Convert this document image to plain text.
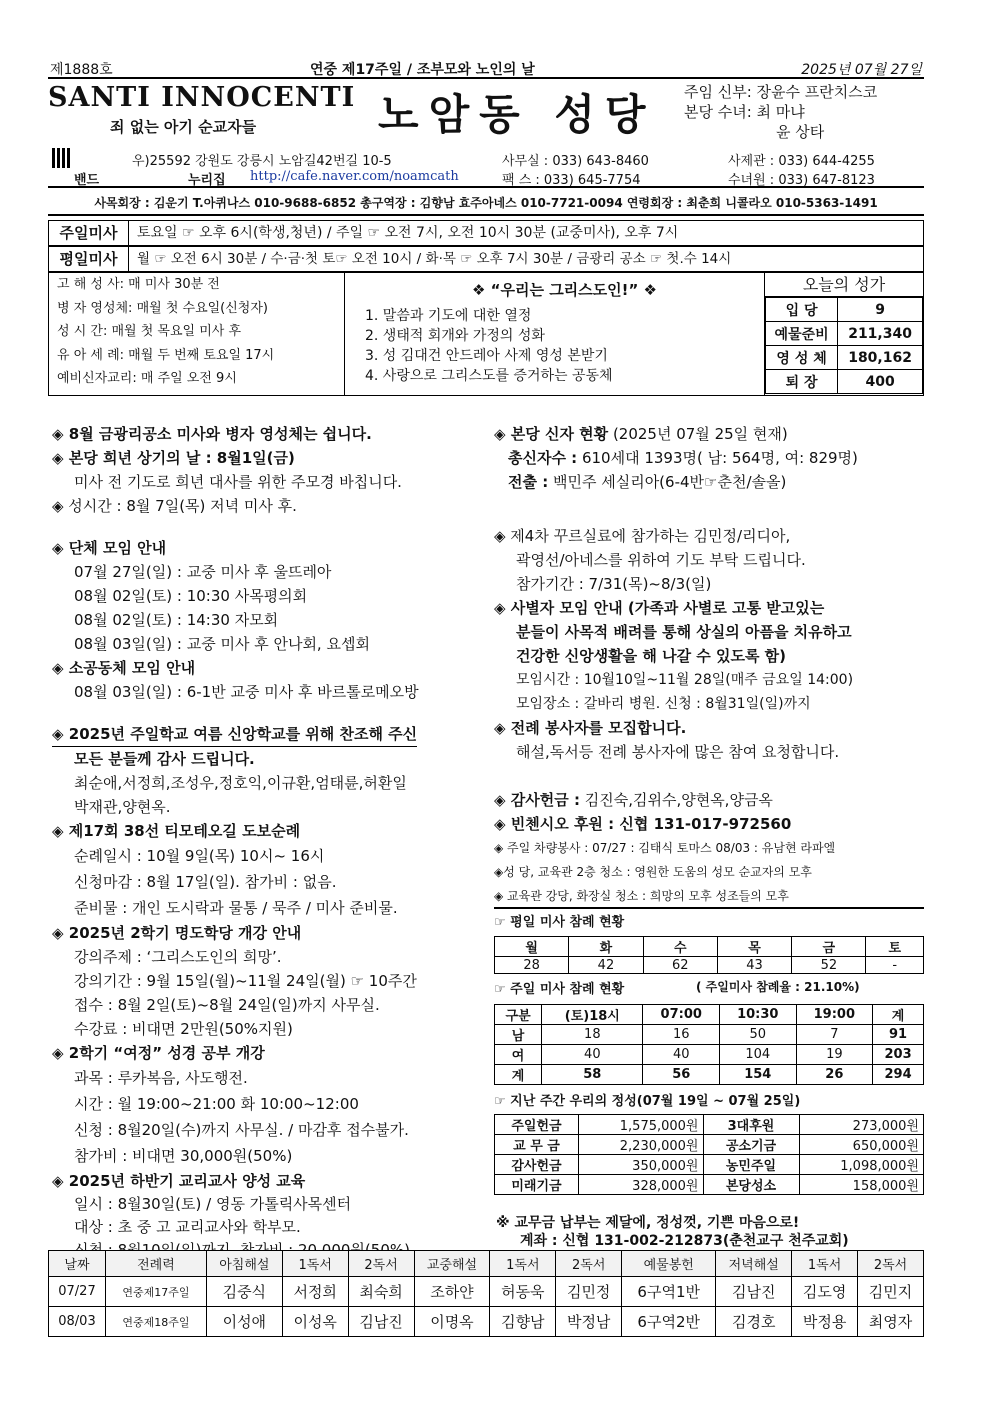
제1888호	연중 제17주일 / 조부모와 노인의 날	2025년 07월 27일
SANTI INNOCENTI
죄 없는 아기 순교자들	노암동 성당 주임 신부: 장윤수 프란치스코
본당 수녀: 최 마냐
윤 상타
우)25592 강원도 강릉시 노암길42번길 10-5	사무실 : 033) 643-8460	사제관 : 033) 644-4255
밴드	누리집 http://cafe.naver.com/noamcath	팩 스 : 033) 645-7754	수녀원 : 033) 647-8123
사목회장 : 김운기 T.아퀴나스 010-9688-6852 총구역장 : 김향남 효주아네스 010-7721-0094 연령회장 : 최춘희 니콜라오 010-5363-1491
주일미사	토요일 ☞ 오후 6시(학생,청년) / 주일 ☞ 오전 7시, 오전 10시 30분 (교중미사), 오후 7시
평일미사	월 ☞ 오전 6시 30분 / 수·금·첫 토☞ 오전 10시 / 화·목 ☞ 오후 7시 30분 / 금광리 공소 ☞ 첫.수 14시
고 해 성 사: 매 미사 30분 전
병 자 영성체: 매월 첫 수요일(신청자)
성 시 간: 매월 첫 목요일 미사 후
유 아 세 례: 매월 두 번째 토요일 17시
예비신자교리: 매 주일 오전 9시
❖ “우리는 그리스도인!” ❖
1. 말씀과 기도에 대한 열정
2. 생태적 회개와 가정의 성화
3. 성 김대건 안드레아 사제 영성 본받기
4. 사랑으로 그리스도를 증거하는 공동체
오늘의 성가
입 당	9
예물준비	211,340
영 성 체	180,162
퇴 장	400
◈ 8월 금광리공소 미사와 병자 영성체는 쉽니다.
◈ 본당 희년 상기의 날 : 8월1일(금)
미사 전 기도로 희년 대사를 위한 주모경 바칩니다.
◈ 성시간 : 8월 7일(목) 저녁 미사 후.
◈ 단체 모임 안내
07월 27일(일) : 교중 미사 후 울뜨레아
08월 02일(토) : 10:30 사목평의회
08월 02일(토) : 14:30 자모회
08월 03일(일) : 교중 미사 후 안나회, 요셉회
◈ 소공동체 모임 안내
08월 03일(일) : 6-1반 교중 미사 후 바르톨로메오방
◈ 2025년 주일학교 여름 신앙학교를 위해 찬조해 주신
모든 분들께 감사 드립니다.
최순애,서정희,조성우,정호익,이규환,엄태륜,허환일
박재관,양현옥.
◈ 제17회 38선 티모테오길 도보순례
순례일시 : 10월 9일(목) 10시~ 16시
신청마감 : 8월 17일(일). 참가비 : 없음.
준비물 : 개인 도시락과 물통 / 묵주 / 미사 준비물.
◈ 2025년 2학기 명도학당 개강 안내
강의주제 : ‘그리스도인의 희망’.
강의기간 : 9월 15일(월)~11월 24일(월) ☞ 10주간
접수 : 8월 2일(토)~8월 24일(일)까지 사무실.
수강료 : 비대면 2만원(50%지원)
◈ 2학기 “여정” 성경 공부 개강
과목 : 루카복음, 사도행전.
시간 : 월 19:00~21:00 화 10:00~12:00
신청 : 8월20일(수)까지 사무실. / 마감후 접수불가.
참가비 : 비대면 30,000원(50%)
◈ 2025년 하반기 교리교사 양성 교육
일시 : 8월30일(토) / 영동 가톨릭사목센터
대상 : 초 중 고 교리교사와 학부모.
신청 : 8월10일(일)까지. 참가비 : 20,000원(50%)
◈ 본당 신자 현황 (2025년 07월 25일 현재)
총신자수 : 610세대 1393명( 남: 564명, 여: 829명)
전출 : 백민주 세실리아(6-4반☞춘천/솔올)
◈ 제4차 꾸르실료에 참가하는 김민정/리디아,
곽영선/아네스를 위하여 기도 부탁 드립니다.
참가기간 : 7/31(목)~8/3(일)
◈ 사별자 모임 안내 (가족과 사별로 고통 받고있는
분들이 사목적 배려를 통해 상실의 아픔을 치유하고
건강한 신앙생활을 해 나갈 수 있도록 함)
모임시간 : 10월10일~11월 28일(매주 금요일 14:00)
모임장소 : 갈바리 병원. 신청 : 8월31일(일)까지
◈ 전례 봉사자를 모집합니다.
해설,독서등 전례 봉사자에 많은 참여 요청합니다.
◈ 감사헌금 : 김진숙,김위수,양현옥,양금옥
◈ 빈첸시오 후원 : 신협 131-017-972560
◈ 주일 차량봉사 : 07/27 : 김태식 토마스 08/03 : 유남현 라파엘
◈성 당, 교육관 2층 청소 : 영원한 도움의 성모 순교자의 모후
◈ 교육관 강당, 화장실 청소 : 희망의 모후 성조들의 모후
☞ 평일 미사 참례 현황
월	화	수	목	금	토
28	42	62	43	52	-
☞ 주일 미사 참례 현황	( 주일미사 참례율 : 21.10%)
구분	(토)18시	07:00	10:30	19:00	계
남	18	16	50	7	91
여	40	40	104	19	203
계	58	56	154	26	294
☞ 지난 주간 우리의 정성(07월 19일 ~ 07월 25일)
주일헌금	1,575,000원	3대후원	273,000원
교 무 금	2,230,000원	공소기금	650,000원
감사헌금	350,000원	농민주일	1,098,000원
미래기금	328,000원	본당성소	158,000원
※ 교무금 납부는 제달에, 정성껏, 기쁜 마음으로!
계좌 : 신협 131-002-212873(춘천교구 천주교회)
날짜	전례력	아침해설	1독서	2독서	교중해설	1독서	2독서	예물봉헌	저녁해설	1독서	2독서
07/27	연중제17주일	김중식	서정희	최숙희	조하얀	허동욱	김민정	6구역1반	김남진	김도영	김민지
08/03	연중제18주일	이성애	이성옥	김남진	이명옥	김향남	박정남	6구역2반	김경호	박정용	최영자
